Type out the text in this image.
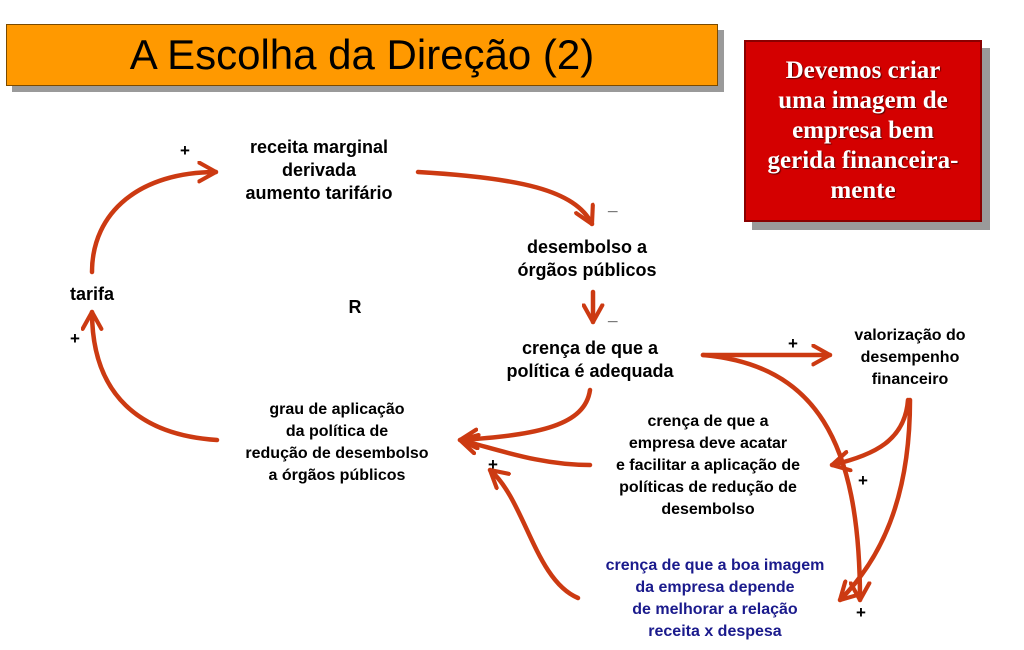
A Escolha da Direção (2)	Devemos criar
uma imagem de
empresa bem
gerida financeira-
mente
receita marginal
derivada
aumento tarifário
desembolso a
órgãos públicos
crença de que a
política é adequada
valorização do
desempenho
financeiro
grau de aplicação
da política de
redução de desembolso
a órgãos públicos
crença de que a
empresa deve acatar
e facilitar a aplicação de
políticas de redução de
desembolso
crença de que a boa imagem
da empresa depende
de melhorar a relação
receita x despesa
tarifa
R
+
_
_
+	+
+
+
+
